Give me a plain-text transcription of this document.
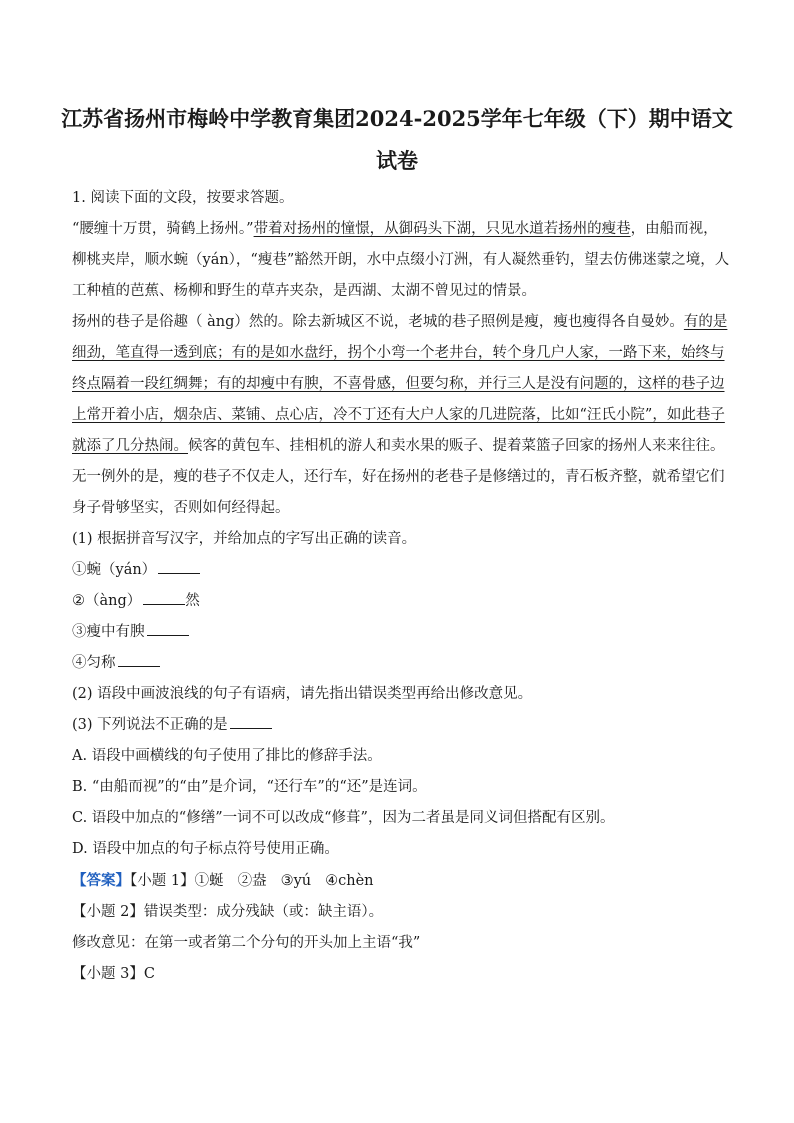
江苏省扬州市梅岭中学教育集团2024-2025学年七年级（下）期中语文
试卷

1. 阅读下面的文段，按要求答题。

“腰缠十万贯，骑鹤上扬州。”带着对扬州的憧憬，从御码头下湖，只见水道若扬州的瘦巷，由船而视，柳桃夹岸，顺水蜿（yán），“瘦巷”豁然开朗，水中点缀小汀洲，有人凝然垂钓，望去仿佛迷蒙之境，人工种植的芭蕉、杨柳和野生的草卉夹杂，是西湖、太湖不曾见过的情景。

扬州的巷子是俗趣（ àng）然的。除去新城区不说，老城的巷子照例是瘦，瘦也瘦得各自曼妙。有的是细劲，笔直得一透到底；有的是如水盘纡，拐个小弯一个老井台，转个身几户人家，一路下来，始终与终点隔着一段红绸舞；有的却瘦中有腴，不喜骨感，但要匀称，并行三人是没有问题的，这样的巷子边上常开着小店，烟杂店、菜铺、点心店，冷不丁还有大户人家的几进院落，比如“汪氏小院”，如此巷子就添了几分热闹。候客的黄包车、挂相机的游人和卖水果的贩子、提着菜篮子回家的扬州人来来往往。无一例外的是，瘦的巷子不仅走人，还行车，好在扬州的老巷子是修缮过的，青石板齐整，就希望它们身子骨够坚实，否则如何经得起。

(1) 根据拼音写汉字，并给加点的字写出正确的读音。

①蜿（yán）

②（àng）	然

③瘦中有腴

④匀称

(2) 语段中画波浪线的句子有语病，请先指出错误类型再给出修改意见。

(3) 下列说法不正确的是

A. 语段中画横线的句子使用了排比的修辞手法。

B. “由船而视”的“由”是介词，“还行车”的“还”是连词。

C. 语段中加点的“修缮”一词不可以改成“修葺”，因为二者虽是同义词但搭配有区别。

D. 语段中加点的句子标点符号使用正确。

【答案】【小题 1】①蜒 ②盎 ③yú ④chèn

【小题 2】错误类型：成分残缺（或：缺主语）。

修改意见：在第一或者第二个分句的开头加上主语“我”

【小题 3】C
